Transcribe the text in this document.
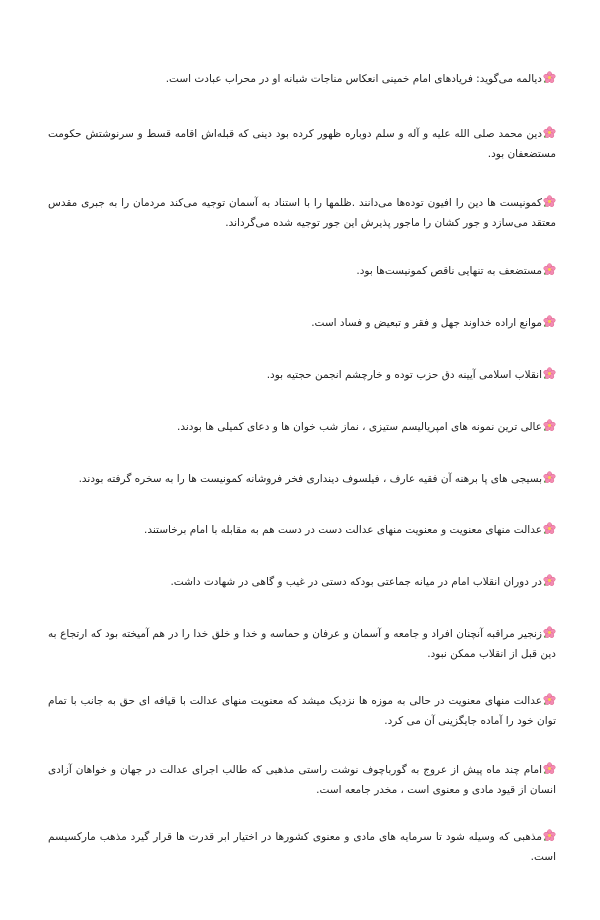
دیالمه می‌گوید: فریادهای امام خمینی انعکاس مناجات شبانه او در محراب عبادت است.
دین محمد صلی الله علیه و آله و سلم دوباره ظهور کرده بود دینی که قبله‌اش اقامه قسط و سرنوشتش حکومت مستضعفان بود.
کمونیست ها دین را افیون توده‌ها می‌دانند .ظلمها را با استناد به آسمان توجیه می‌کند مردمان را به جبری مقدس معتقد می‌سازد و جور کشان را ماجور پذیرش این جور توجیه شده می‌گرداند.
مستضعف به تنهایی ناقص کمونیست‌ها بود.
موانع اراده خداوند جهل و فقر و تبعیض و فساد است.
انقلاب اسلامی آیینه دق حزب توده و خارچشم انجمن حجتیه بود.
عالی ترین نمونه های امپریالیسم ستیزی ، نماز شب خوان ها و دعای کمیلی ها بودند.
بسیجی های پا برهنه آن فقیه عارف ، فیلسوف دینداری فخر فروشانه کمونیست ها را به سخره گرفته بودند.
عدالت منهای معنویت و معنویت منهای عدالت دست در دست هم به مقابله با امام برخاستند.
در دوران انقلاب امام در میانه جماعتی بودکه دستی در غیب و گاهی در شهادت داشت.
زنجیر مراقبه آنچنان افراد و جامعه و آسمان و عرفان و حماسه و خدا و خلق خدا را در هم آمیخته بود که ارتجاع به دین قبل از انقلاب ممکن نبود.
عدالت منهای معنویت در حالی به موزه ها نزدیک میشد که معنویت منهای عدالت با قیافه ای حق به جانب با تمام توان خود را آماده جایگزینی آن می کرد.
امام چند ماه پیش از عروج به گورباچوف نوشت راستی مذهبی که طالب اجرای عدالت در جهان و خواهان آزادی انسان از قیود مادی و معنوی است ، مخدر جامعه است.
مذهبی که وسیله شود تا سرمایه های مادی و معنوی کشورها در اختیار ابر قدرت ها قرار گیرد مذهب مارکسیسم است.
